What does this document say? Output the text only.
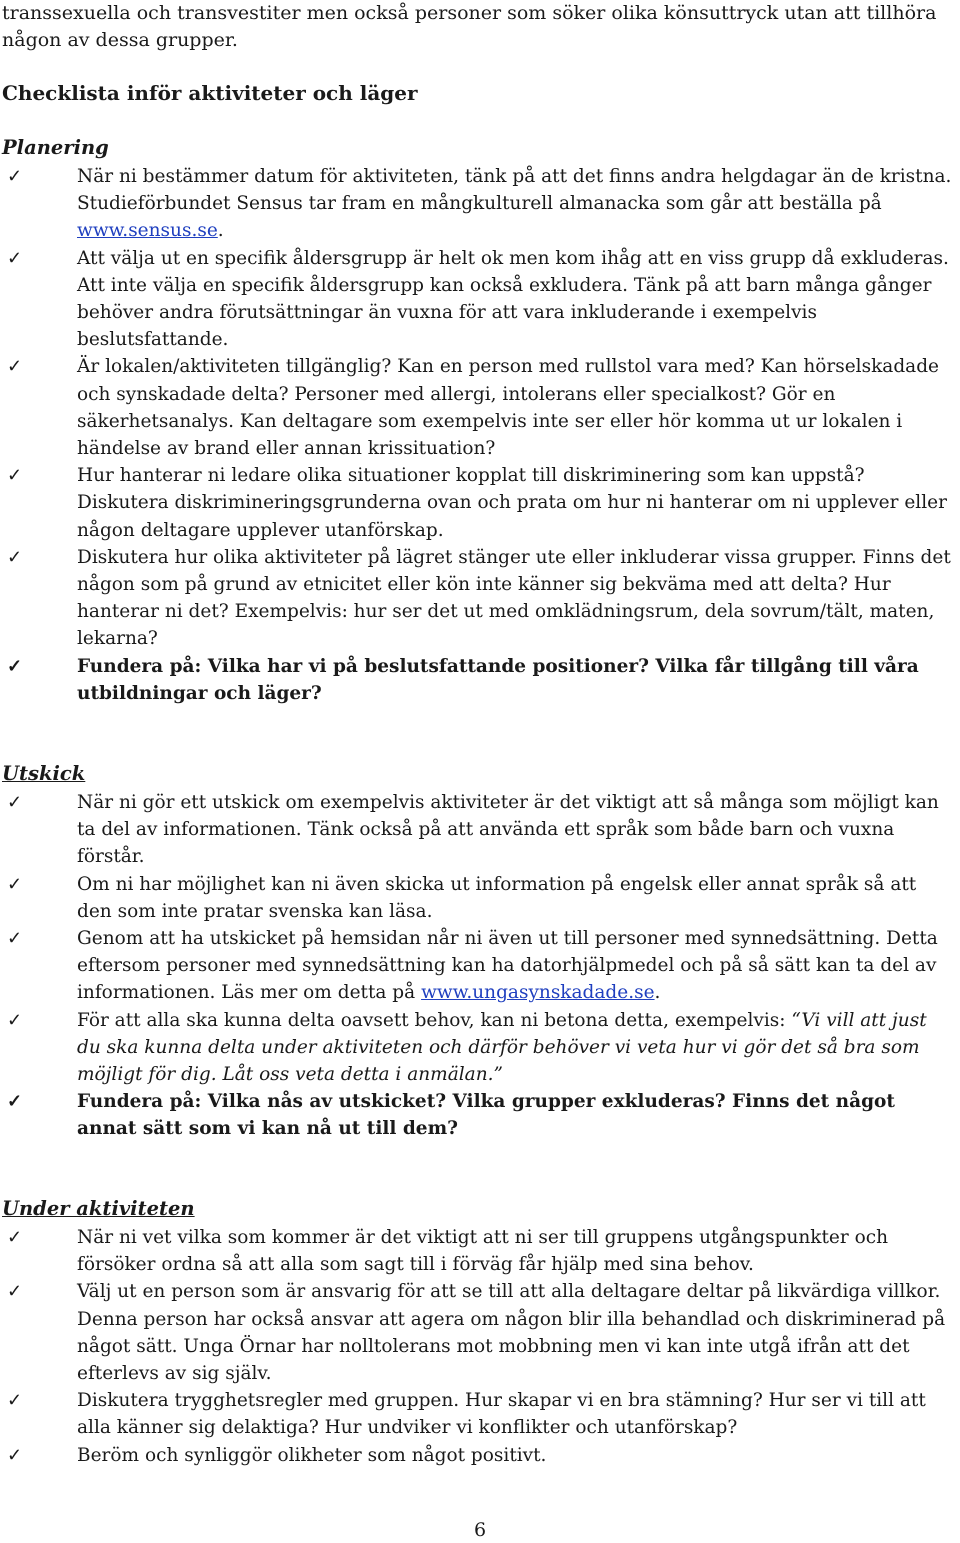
transsexuella och transvestiter men också personer som söker olika könsuttryck utan att tillhöra någon av dessa grupper.

Checklista inför aktiviteter och läger
Planering
✓	När ni bestämmer datum för aktiviteten, tänk på att det finns andra helgdagar än de kristna. Studieförbundet Sensus tar fram en mångkulturell almanacka som går att beställa på www.sensus.se.
✓	Att välja ut en specifik åldersgrupp är helt ok men kom ihåg att en viss grupp då exkluderas. Att inte välja en specifik åldersgrupp kan också exkludera. Tänk på att barn många gånger behöver andra förutsättningar än vuxna för att vara inkluderande i exempelvis beslutsfattande.
✓	Är lokalen/aktiviteten tillgänglig? Kan en person med rullstol vara med? Kan hörselskadade och synskadade delta? Personer med allergi, intolerans eller specialkost? Gör en säkerhetsanalys. Kan deltagare som exempelvis inte ser eller hör komma ut ur lokalen i händelse av brand eller annan krissituation?
✓	Hur hanterar ni ledare olika situationer kopplat till diskriminering som kan uppstå? Diskutera diskrimineringsgrunderna ovan och prata om hur ni hanterar om ni upplever eller någon deltagare upplever utanförskap.
✓	Diskutera hur olika aktiviteter på lägret stänger ute eller inkluderar vissa grupper. Finns det någon som på grund av etnicitet eller kön inte känner sig bekväma med att delta? Hur hanterar ni det? Exempelvis: hur ser det ut med omklädningsrum, dela sovrum/tält, maten, lekarna?
✓	Fundera på: Vilka har vi på beslutsfattande positioner? Vilka får tillgång till våra utbildningar och läger?
Utskick
✓	När ni gör ett utskick om exempelvis aktiviteter är det viktigt att så många som möjligt kan ta del av informationen. Tänk också på att använda ett språk som både barn och vuxna förstår.
✓	Om ni har möjlighet kan ni även skicka ut information på engelsk eller annat språk så att den som inte pratar svenska kan läsa.
✓	Genom att ha utskicket på hemsidan når ni även ut till personer med synnedsättning. Detta eftersom personer med synnedsättning kan ha datorhjälpmedel och på så sätt kan ta del av informationen. Läs mer om detta på www.ungasynskadade.se.
✓	För att alla ska kunna delta oavsett behov, kan ni betona detta, exempelvis: “Vi vill att just du ska kunna delta under aktiviteten och därför behöver vi veta hur vi gör det så bra som möjligt för dig. Låt oss veta detta i anmälan.”
✓	Fundera på: Vilka nås av utskicket? Vilka grupper exkluderas? Finns det något annat sätt som vi kan nå ut till dem?
Under aktiviteten
✓	När ni vet vilka som kommer är det viktigt att ni ser till gruppens utgångspunkter och försöker ordna så att alla som sagt till i förväg får hjälp med sina behov.
✓	Välj ut en person som är ansvarig för att se till att alla deltagare deltar på likvärdiga villkor. Denna person har också ansvar att agera om någon blir illa behandlad och diskriminerad på något sätt. Unga Örnar har nolltolerans mot mobbning men vi kan inte utgå ifrån att det efterlevs av sig själv.
✓	Diskutera trygghetsregler med gruppen. Hur skapar vi en bra stämning? Hur ser vi till att alla känner sig delaktiga? Hur undviker vi konflikter och utanförskap?
✓	Beröm och synliggör olikheter som något positivt.
6
